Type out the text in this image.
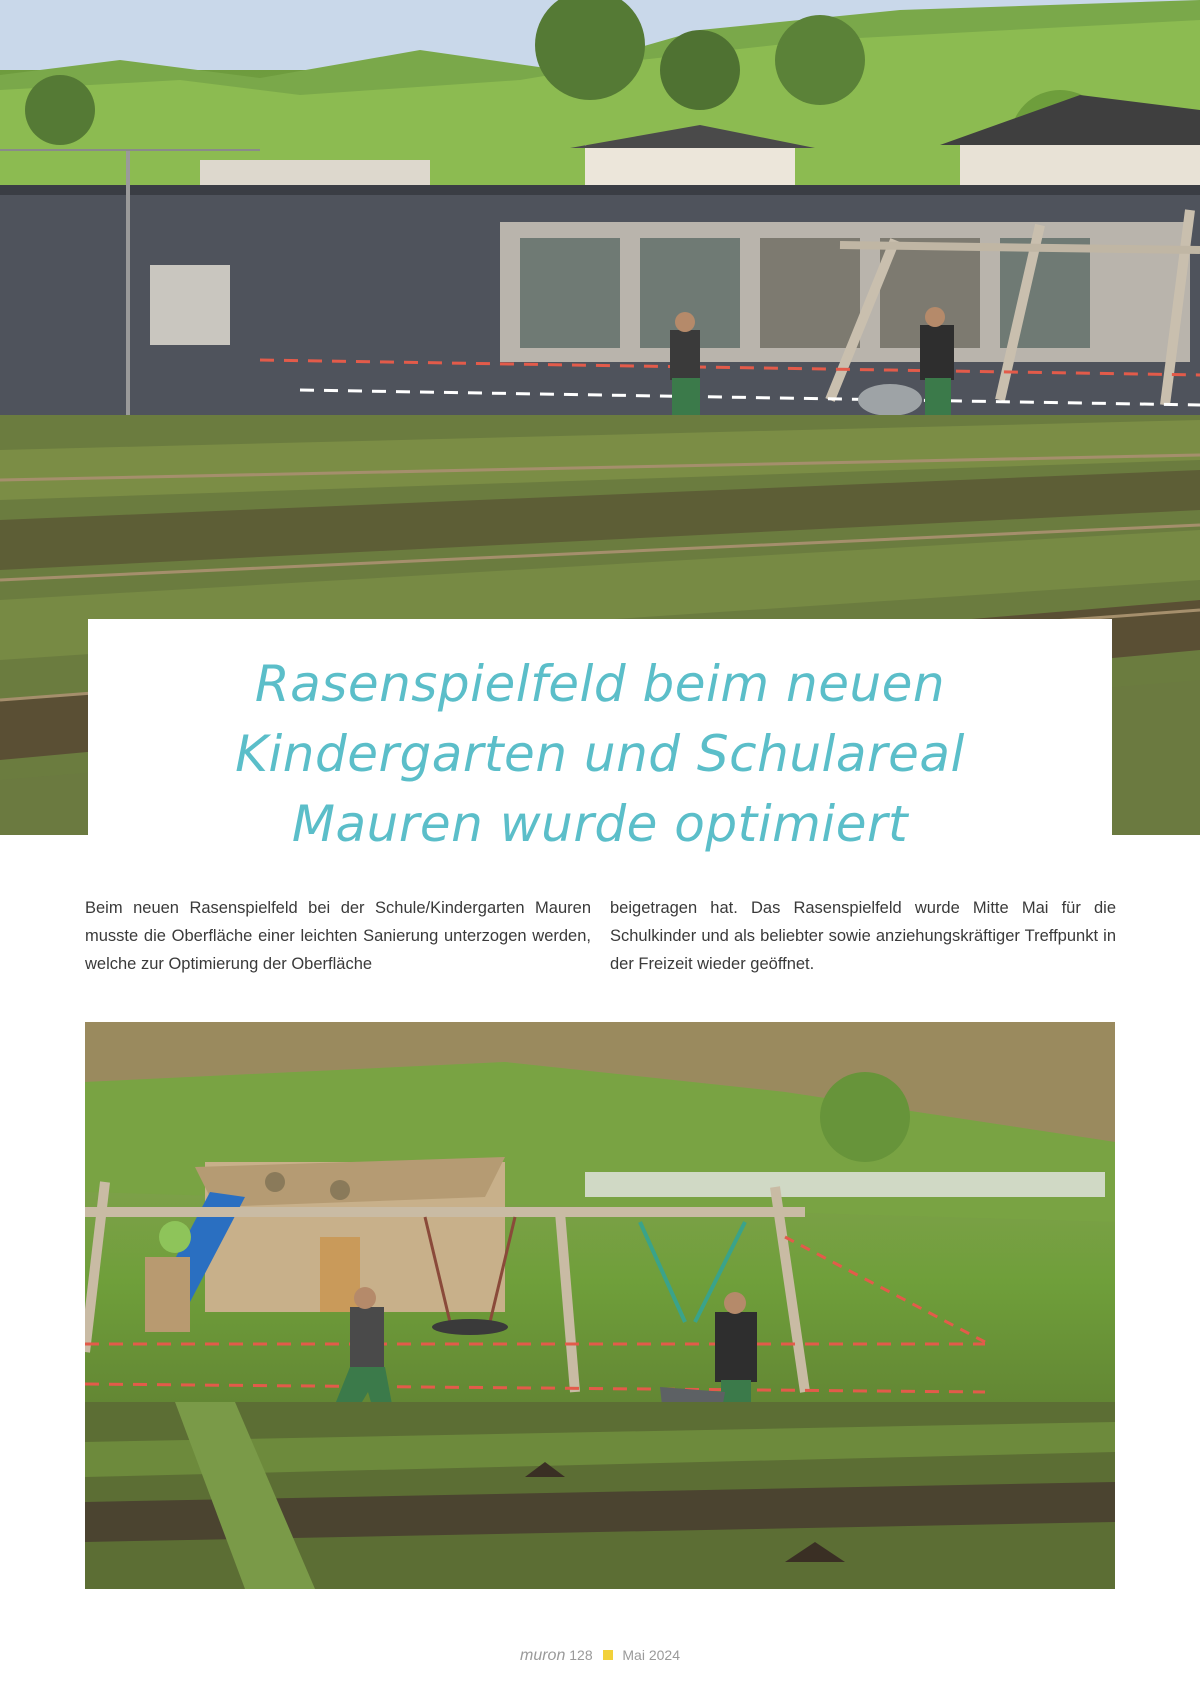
Rasenspielfeld beim neuen
Kindergarten und Schulareal
Mauren wurde optimiert

Beim neuen Rasenspielfeld bei der Schule/Kindergarten Mauren musste die Oberfläche einer leichten Sanierung unterzogen werden, welche zur Optimierung der Oberfläche

beigetragen hat. Das Rasenspielfeld wurde Mitte Mai für die Schulkinder und als beliebter sowie anziehungskräftiger Treffpunkt in der Freizeit wieder geöffnet.

muron 128 Mai 2024
